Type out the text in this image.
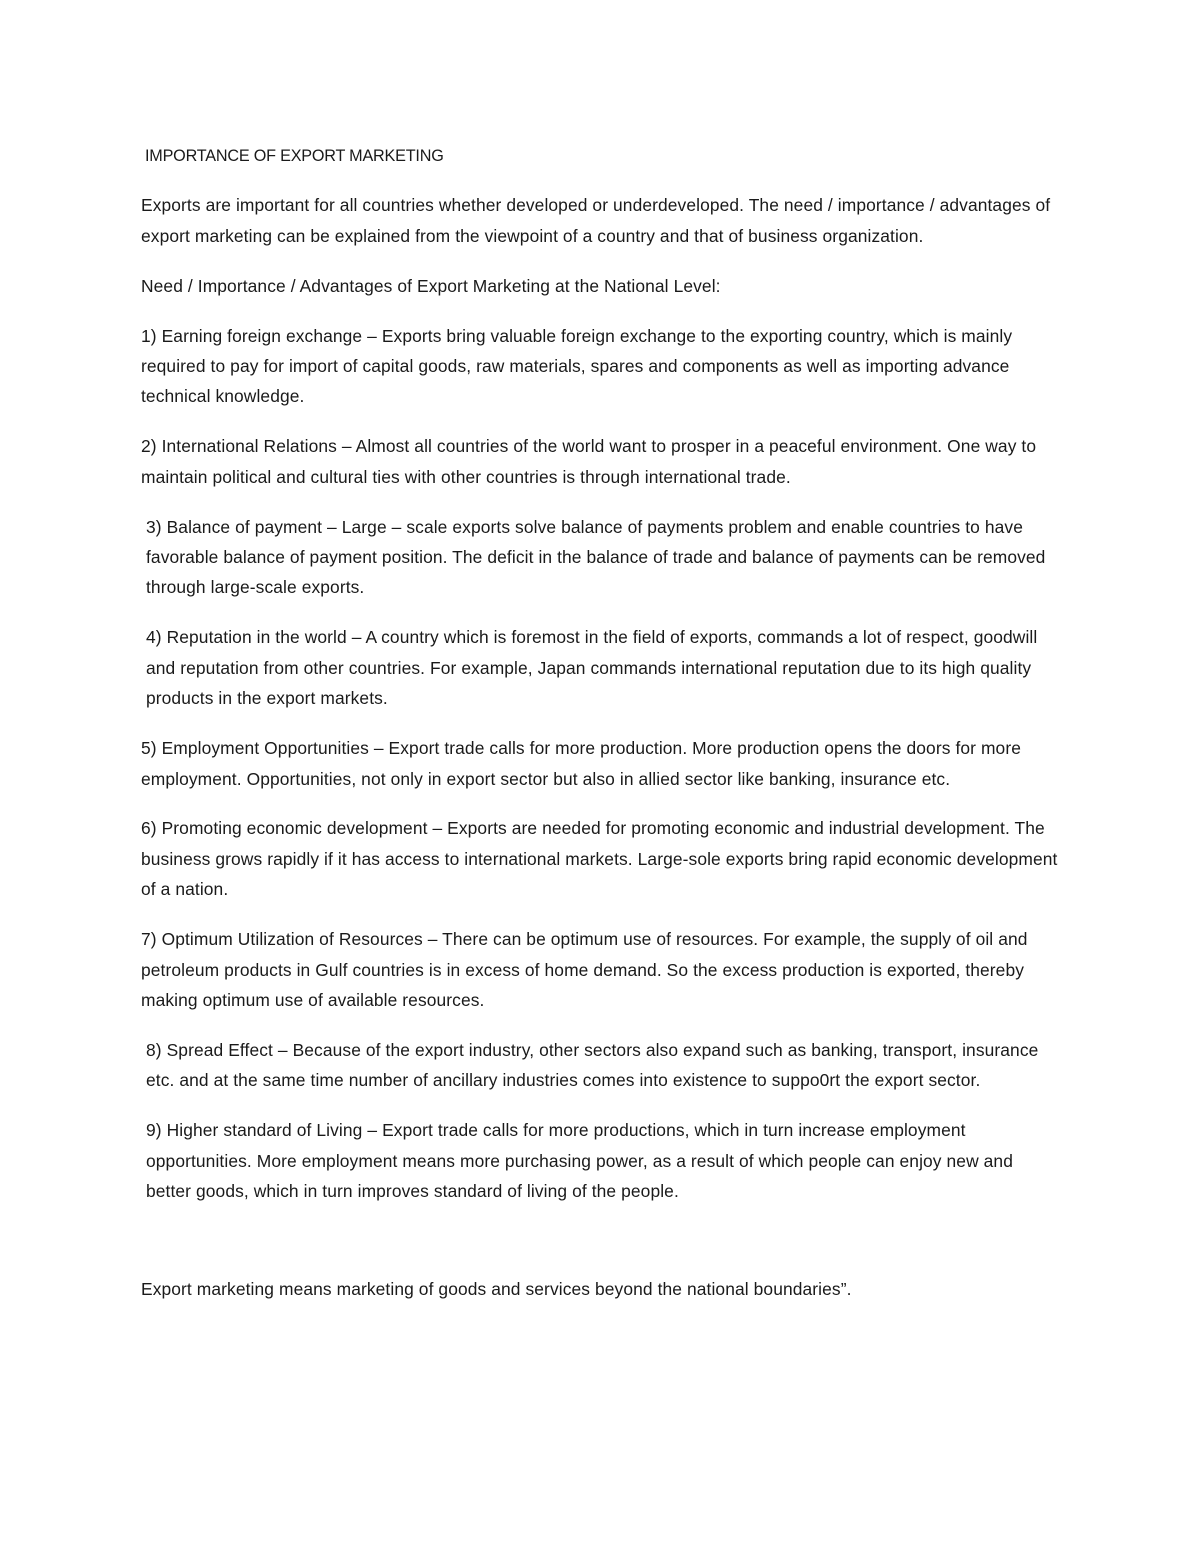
IMPORTANCE OF EXPORT MARKETING

Exports are important for all countries whether developed or underdeveloped. The need / importance / advantages of export marketing can be explained from the viewpoint of a country and that of business organization.

Need / Importance / Advantages of Export Marketing at the National Level:

1) Earning foreign exchange – Exports bring valuable foreign exchange to the exporting country, which is mainly required to pay for import of capital goods, raw materials, spares and components as well as importing advance technical knowledge.

2) International Relations – Almost all countries of the world want to prosper in a peaceful environment. One way to maintain political and cultural ties with other countries is through international trade.

3) Balance of payment – Large – scale exports solve balance of payments problem and enable countries to have favorable balance of payment position. The deficit in the balance of trade and balance of payments can be removed through large-scale exports.

4) Reputation in the world – A country which is foremost in the field of exports, commands a lot of respect, goodwill and reputation from other countries. For example, Japan commands international reputation due to its high quality products in the export markets.

5) Employment Opportunities – Export trade calls for more production. More production opens the doors for more employment. Opportunities, not only in export sector but also in allied sector like banking, insurance etc.

6) Promoting economic development – Exports are needed for promoting economic and industrial development. The business grows rapidly if it has access to international markets. Large-sole exports bring rapid economic development of a nation.

7) Optimum Utilization of Resources – There can be optimum use of resources. For example, the supply of oil and petroleum products in Gulf countries is in excess of home demand. So the excess production is exported, thereby making optimum use of available resources.

8) Spread Effect – Because of the export industry, other sectors also expand such as banking, transport, insurance etc. and at the same time number of ancillary industries comes into existence to suppo0rt the export sector.

9) Higher standard of Living – Export trade calls for more productions, which in turn increase employment opportunities. More employment means more purchasing power, as a result of which people can enjoy new and better goods, which in turn improves standard of living of the people.

Export marketing means marketing of goods and services beyond the national boundaries”.
